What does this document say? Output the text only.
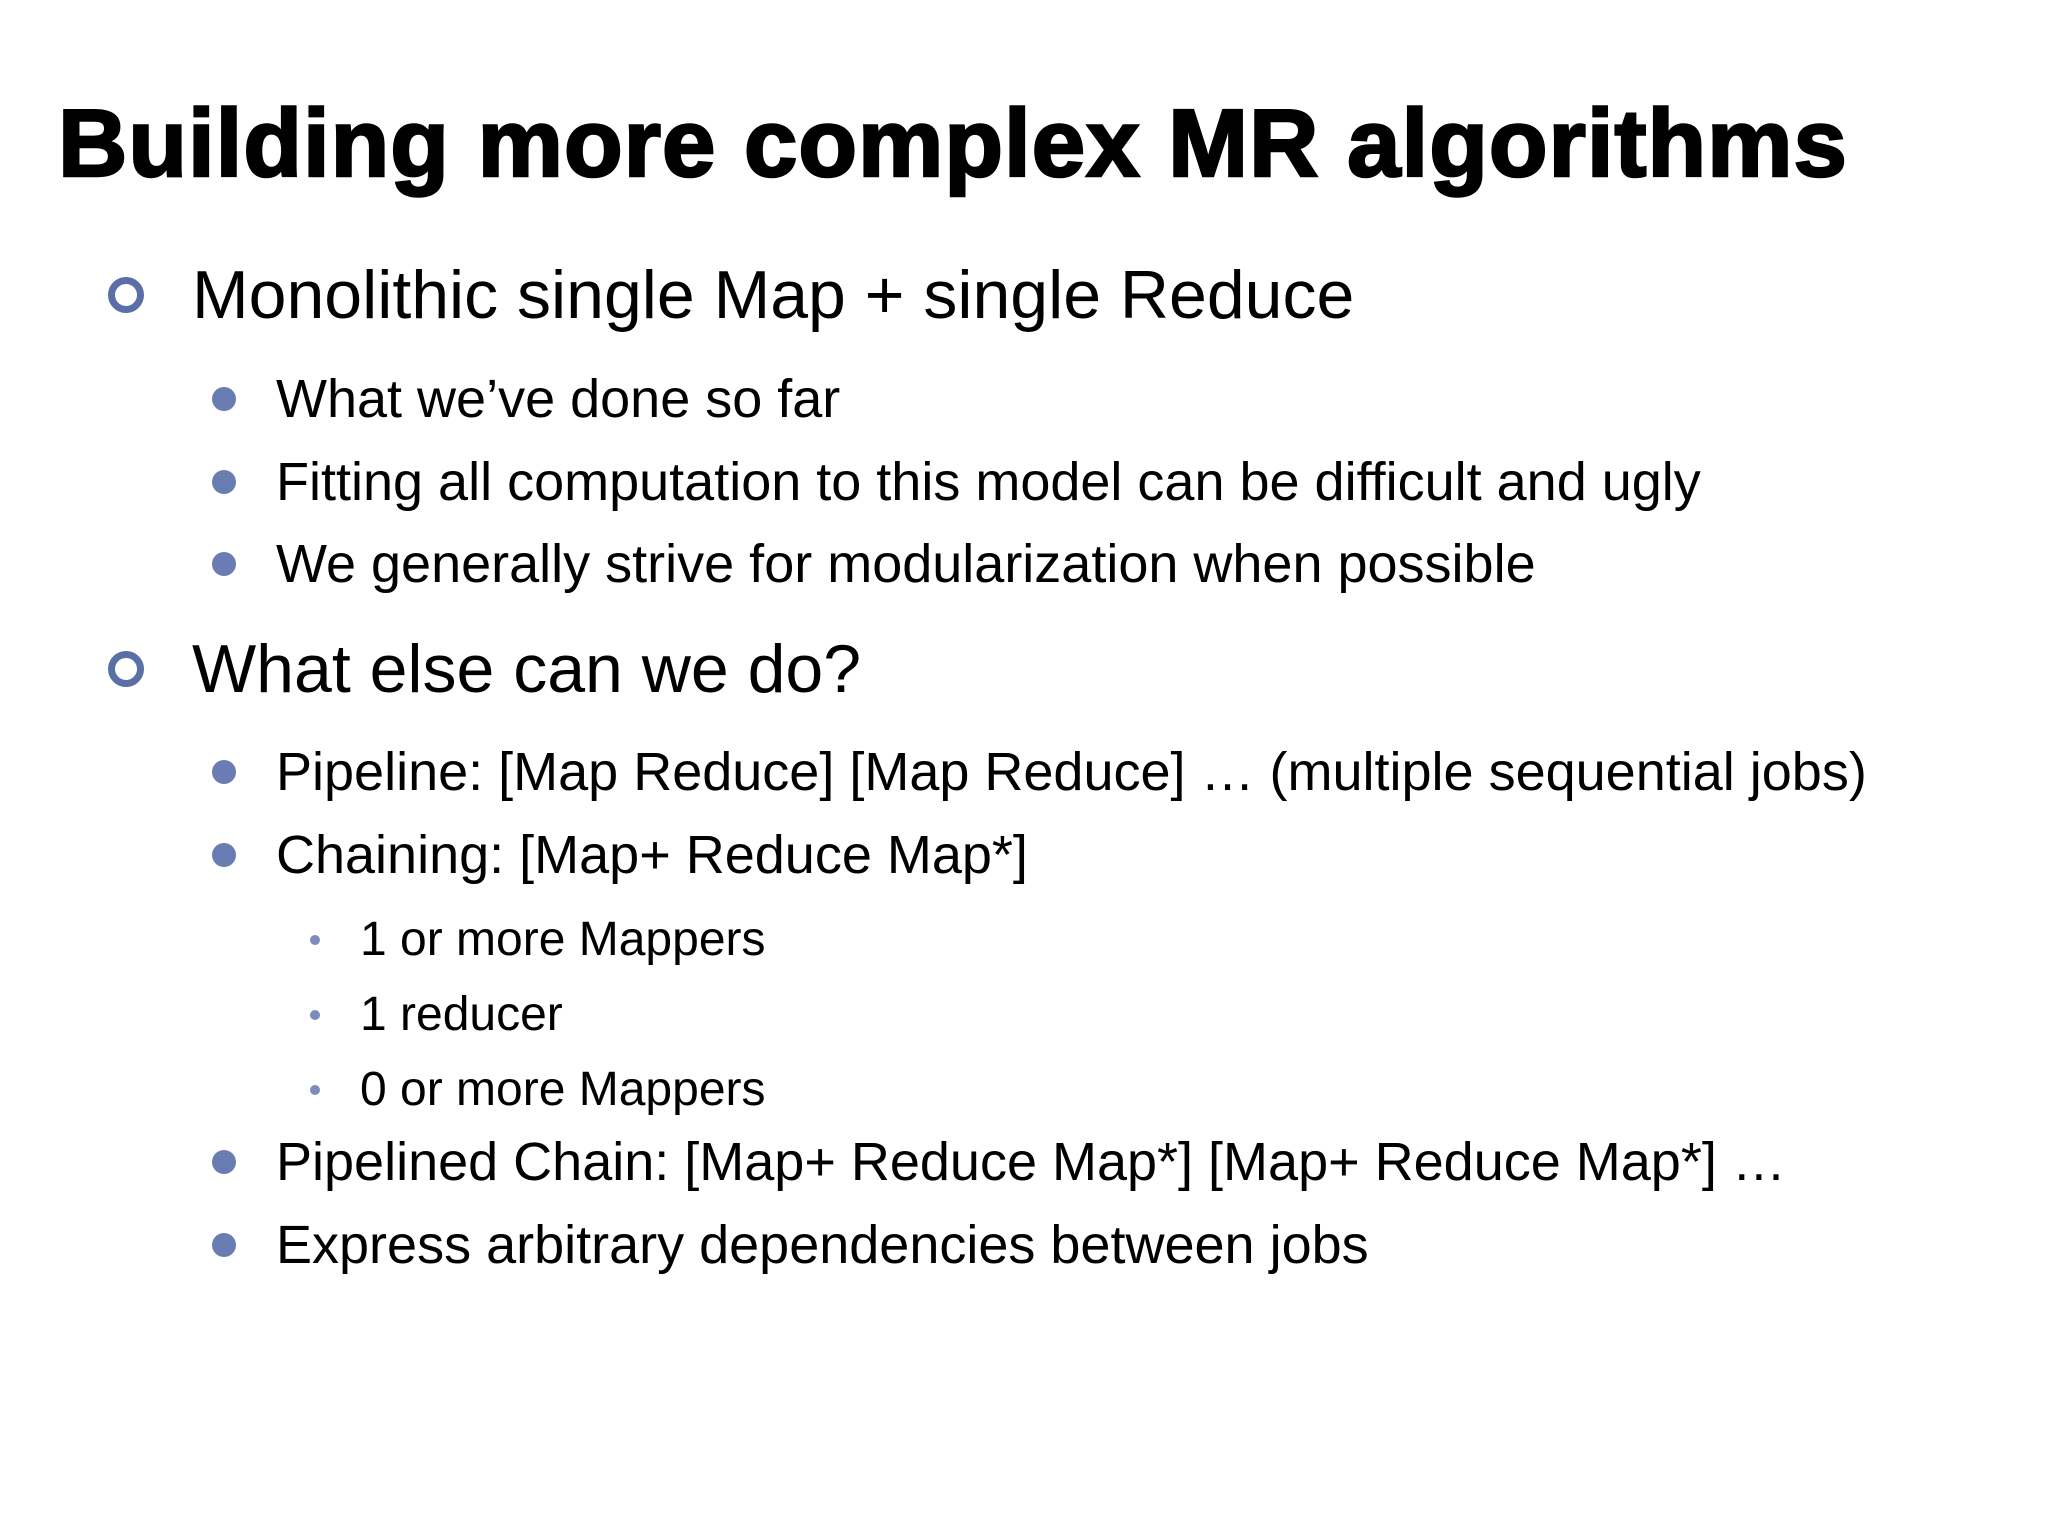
Building more complex MR algorithms
Monolithic single Map + single Reduce
What we’ve done so far
Fitting all computation to this model can be difficult and ugly
We generally strive for modularization when possible
What else can we do?
Pipeline: [Map Reduce] [Map Reduce] … (multiple sequential jobs)
Chaining: [Map+ Reduce Map*]
1 or more Mappers
1 reducer
0 or more Mappers
Pipelined Chain: [Map+ Reduce Map*] [Map+ Reduce Map*] …
Express arbitrary dependencies between jobs
